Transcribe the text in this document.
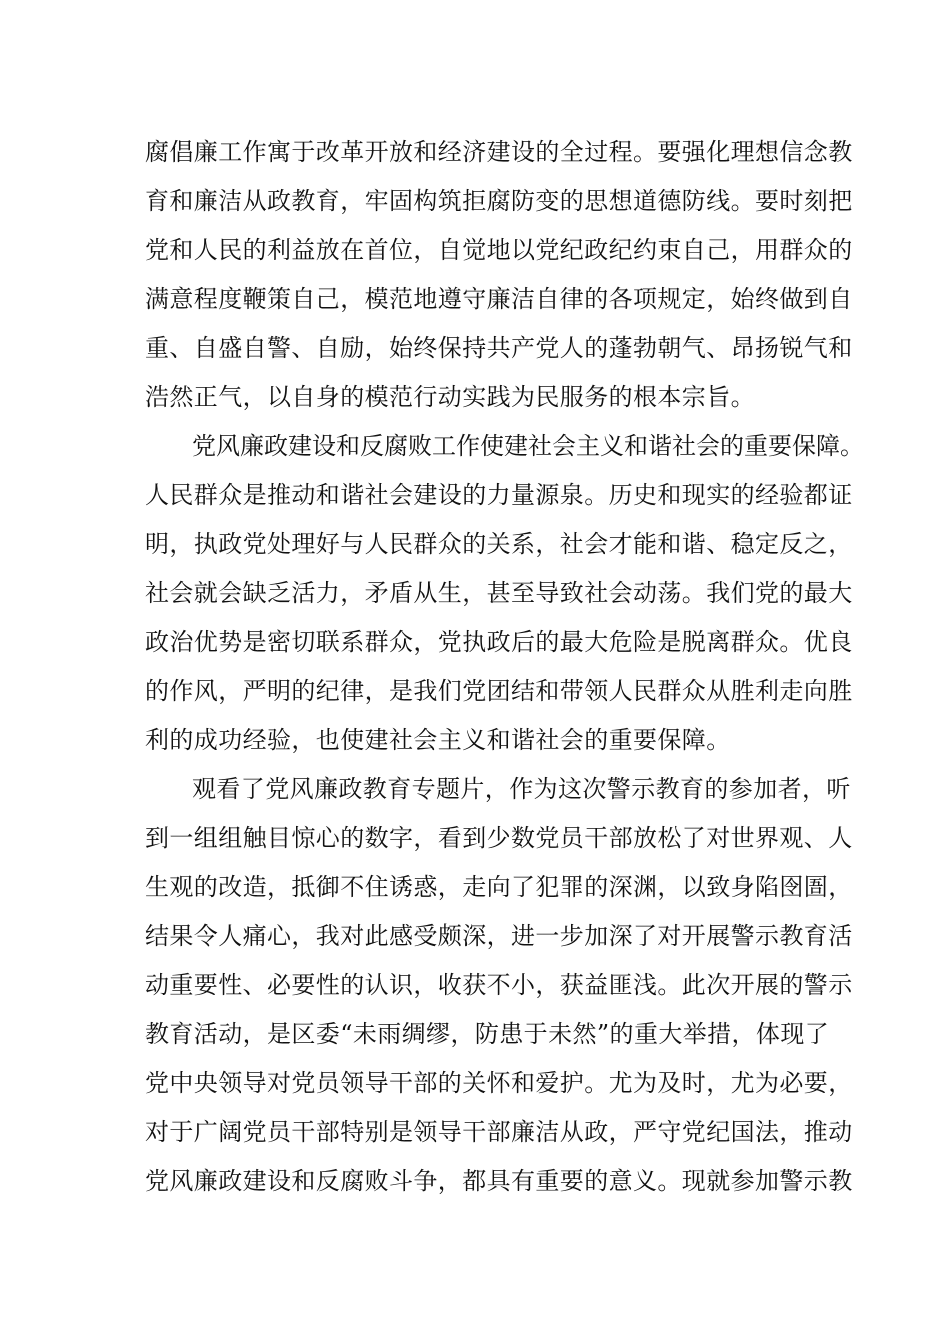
腐倡廉工作寓于改革开放和经济建设的全过程。要强化理想信念教
育和廉洁从政教育，牢固构筑拒腐防变的思想道德防线。要时刻把
党和人民的利益放在首位，自觉地以党纪政纪约束自己，用群众的
满意程度鞭策自己，模范地遵守廉洁自律的各项规定，始终做到自
重、自盛自警、自励，始终保持共产党人的蓬勃朝气、昂扬锐气和
浩然正气，以自身的模范行动实践为民服务的根本宗旨。
党风廉政建设和反腐败工作使建社会主义和谐社会的重要保障。
人民群众是推动和谐社会建设的力量源泉。历史和现实的经验都证
明，执政党处理好与人民群众的关系，社会才能和谐、稳定反之，
社会就会缺乏活力，矛盾从生，甚至导致社会动荡。我们党的最大
政治优势是密切联系群众，党执政后的最大危险是脱离群众。优良
的作风，严明的纪律，是我们党团结和带领人民群众从胜利走向胜
利的成功经验，也使建社会主义和谐社会的重要保障。
观看了党风廉政教育专题片，作为这次警示教育的参加者，听
到一组组触目惊心的数字，看到少数党员干部放松了对世界观、人
生观的改造，抵御不住诱惑，走向了犯罪的深渊，以致身陷囹圄，
结果令人痛心，我对此感受颇深，进一步加深了对开展警示教育活
动重要性、必要性的认识，收获不小，获益匪浅。此次开展的警示
教育活动，是区委“未雨绸缪，防患于未然”的重大举措，体现了
党中央领导对党员领导干部的关怀和爱护。尤为及时，尤为必要，
对于广阔党员干部特别是领导干部廉洁从政，严守党纪国法，推动
党风廉政建设和反腐败斗争，都具有重要的意义。现就参加警示教
